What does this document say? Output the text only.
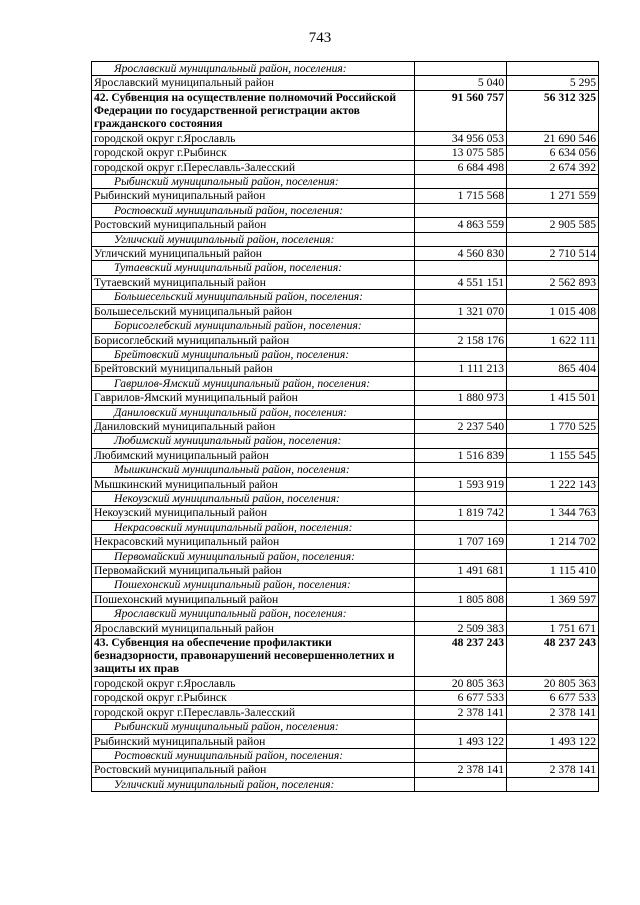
743
Ярославский муниципальный район, поселения:		
Ярославский муниципальный район	5 040	5 295
42. Субвенция на осуществление полномочий Российской Федерации по государственной регистрации актов гражданского состояния	91 560 757	56 312 325
городской округ г.Ярославль	34 956 053	21 690 546
городской округ г.Рыбинск	13 075 585	6 634 056
городской округ г.Переславль-Залесский	6 684 498	2 674 392
Рыбинский муниципальный район, поселения:		
Рыбинский муниципальный район	1 715 568	1 271 559
Ростовский муниципальный район, поселения:		
Ростовский муниципальный район	4 863 559	2 905 585
Угличский муниципальный район, поселения:		
Угличский муниципальный район	4 560 830	2 710 514
Тутаевский муниципальный район, поселения:		
Тутаевский муниципальный район	4 551 151	2 562 893
Большесельский муниципальный район, поселения:		
Большесельский муниципальный район	1 321 070	1 015 408
Борисоглебский муниципальный район, поселения:		
Борисоглебский муниципальный район	2 158 176	1 622 111
Брейтовский муниципальный район, поселения:		
Брейтовский муниципальный район	1 111 213	865 404
Гаврилов-Ямский муниципальный район, поселения:		
Гаврилов-Ямский муниципальный район	1 880 973	1 415 501
Даниловский муниципальный район, поселения:		
Даниловский муниципальный район	2 237 540	1 770 525
Любимский муниципальный район, поселения:		
Любимский муниципальный район	1 516 839	1 155 545
Мышкинский муниципальный район, поселения:		
Мышкинский муниципальный район	1 593 919	1 222 143
Некоузский муниципальный район, поселения:		
Некоузский муниципальный район	1 819 742	1 344 763
Некрасовский муниципальный район, поселения:		
Некрасовский муниципальный район	1 707 169	1 214 702
Первомайский муниципальный район, поселения:		
Первомайский муниципальный район	1 491 681	1 115 410
Пошехонский муниципальный район, поселения:		
Пошехонский муниципальный район	1 805 808	1 369 597
Ярославский муниципальный район, поселения:		
Ярославский муниципальный район	2 509 383	1 751 671
43. Субвенция на обеспечение профилактики безнадзорности, правонарушений несовершеннолетних и защиты их прав	48 237 243	48 237 243
городской округ г.Ярославль	20 805 363	20 805 363
городской округ г.Рыбинск	6 677 533	6 677 533
городской округ г.Переславль-Залесский	2 378 141	2 378 141
Рыбинский муниципальный район, поселения:		
Рыбинский муниципальный район	1 493 122	1 493 122
Ростовский муниципальный район, поселения:		
Ростовский муниципальный район	2 378 141	2 378 141
Угличский муниципальный район, поселения:		
